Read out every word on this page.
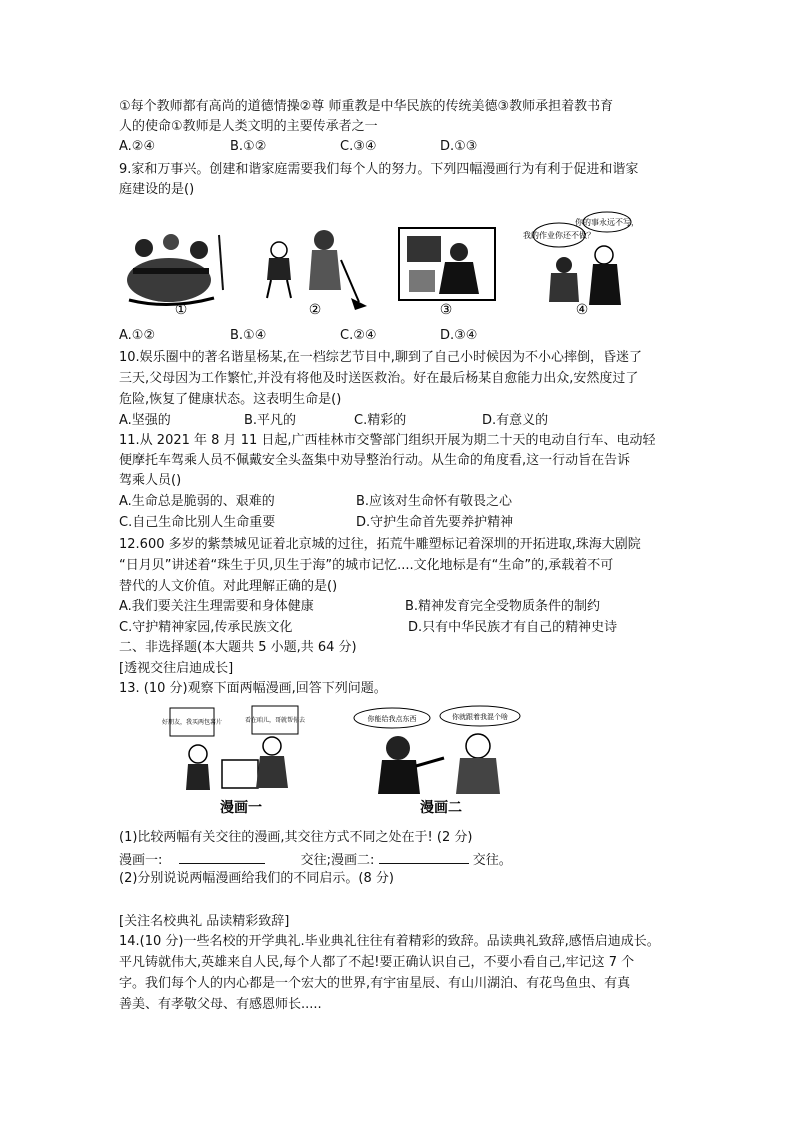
①每个教师都有高尚的道德情操②尊 师重教是中华民族的传统美德③教师承担着教书育
人的使命①教师是人类文明的主要传承者之一
A.②④	B.①②	C.③④	D.①③
9.家和万事兴。创建和谐家庭需要我们每个人的努力。下列四幅漫画行为有利于促进和谐家
庭建设的是()
我的作业你还不做？
你的事永远不写，
①	②	③	④
A.①②	B.①④	C.②④	D.③④
10.娱乐圈中的著名谐星杨某,在一档综艺节目中,聊到了自己小时候因为不小心摔倒，昏迷了
三天,父母因为工作繁忙,并没有将他及时送医救治。好在最后杨某自愈能力出众,安然度过了
危险,恢复了健康状态。这表明生命是()
A.坚强的	B.平凡的	C.精彩的	D.有意义的
11.从 2021 年 8 月 11 日起,广西桂林市交警部门组织开展为期二十天的电动自行车、电动轻
便摩托车驾乘人员不佩戴安全头盔集中劝导整治行动。从生命的角度看,这一行动旨在告诉
驾乘人员()
A.生命总是脆弱的、艰难的	B.应该对生命怀有敬畏之心
C.自己生命比别人生命重要	D.守护生命首先要养护精神
12.600 多岁的紫禁城见证着北京城的过往，拓荒牛雕塑标记着深圳的开拓进取,珠海大剧院
“日月贝”讲述着“珠生于贝,贝生于海”的城市记忆....文化地标是有“生命”的,承载着不可
替代的人文价值。对此理解正确的是()
A.我们要关注生理需要和身体健康	B.精神发育完全受物质条件的制约
C.守护精神家园,传承民族文化	D.只有中华民族才有自己的精神史诗
二、非选择题(本大题共 5 小题,共 64 分)
[透视交往启迪成长]
13. (10 分)观察下面两幅漫画,回答下列问题。
好朋友，我买两包薯片	看在咱儿，哥就帮你去
漫画一
你能给我点东西	你就跟着我混个啥
漫画二
(1)比较两幅有关交往的漫画,其交往方式不同之处在于! (2 分)
漫画一:	交往;漫画二:	交往。
(2)分别说说两幅漫画给我们的不同启示。(8 分)
[关注名校典礼 品读精彩致辞]
14.(10 分)一些名校的开学典礼.毕业典礼往往有着精彩的致辞。品读典礼致辞,感悟启迪成长。
平凡铸就伟大,英雄来自人民,每个人都了不起!要正确认识自己，不要小看自己,牢记这 7 个
字。我们每个人的内心都是一个宏大的世界,有宇宙星辰、有山川湖泊、有花鸟鱼虫、有真
善美、有孝敬父母、有感恩师长.....
